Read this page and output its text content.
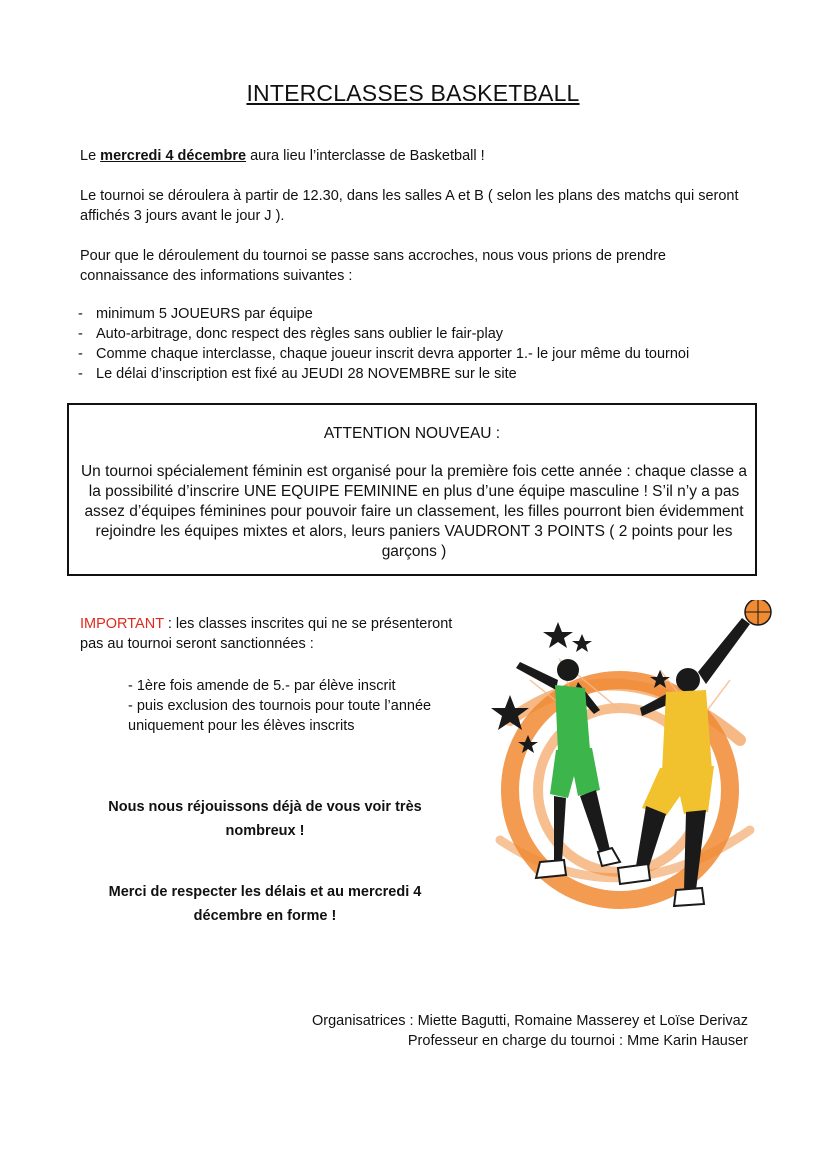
INTERCLASSES BASKETBALL
Le mercredi 4 décembre aura lieu l’interclasse de Basketball !
Le tournoi se déroulera à partir de 12.30, dans les salles A et B ( selon les plans des matchs qui seront affichés 3 jours avant le jour J ).
Pour que le déroulement du tournoi se passe sans accroches, nous vous prions de prendre connaissance des informations suivantes :
- minimum 5 JOUEURS par équipe
- Auto-arbitrage, donc respect des règles sans oublier le fair-play
- Comme chaque interclasse, chaque joueur inscrit devra apporter 1.- le jour même du tournoi
- Le délai d’inscription est fixé au JEUDI 28 NOVEMBRE sur le site
ATTENTION NOUVEAU :
Un tournoi spécialement féminin est organisé pour la première fois cette année : chaque classe a la possibilité d’inscrire UNE EQUIPE FEMININE en plus d’une équipe masculine ! S’il n’y a pas assez d’équipes féminines pour pouvoir faire un classement, les filles pourront bien évidemment rejoindre les équipes mixtes et alors, leurs paniers VAUDRONT 3 POINTS ( 2 points pour les garçons )
IMPORTANT : les classes inscrites qui ne se présenteront pas au tournoi seront sanctionnées :
- 1ère fois amende de 5.- par élève inscrit
- puis exclusion des tournois pour toute l’année uniquement pour les élèves inscrits
Nous nous réjouissons déjà de vous voir très nombreux !
Merci de respecter les délais et au mercredi 4 décembre en forme !
Organisatrices : Miette Bagutti, Romaine Masserey et Loïse Derivaz
Professeur en charge du tournoi : Mme Karin Hauser
